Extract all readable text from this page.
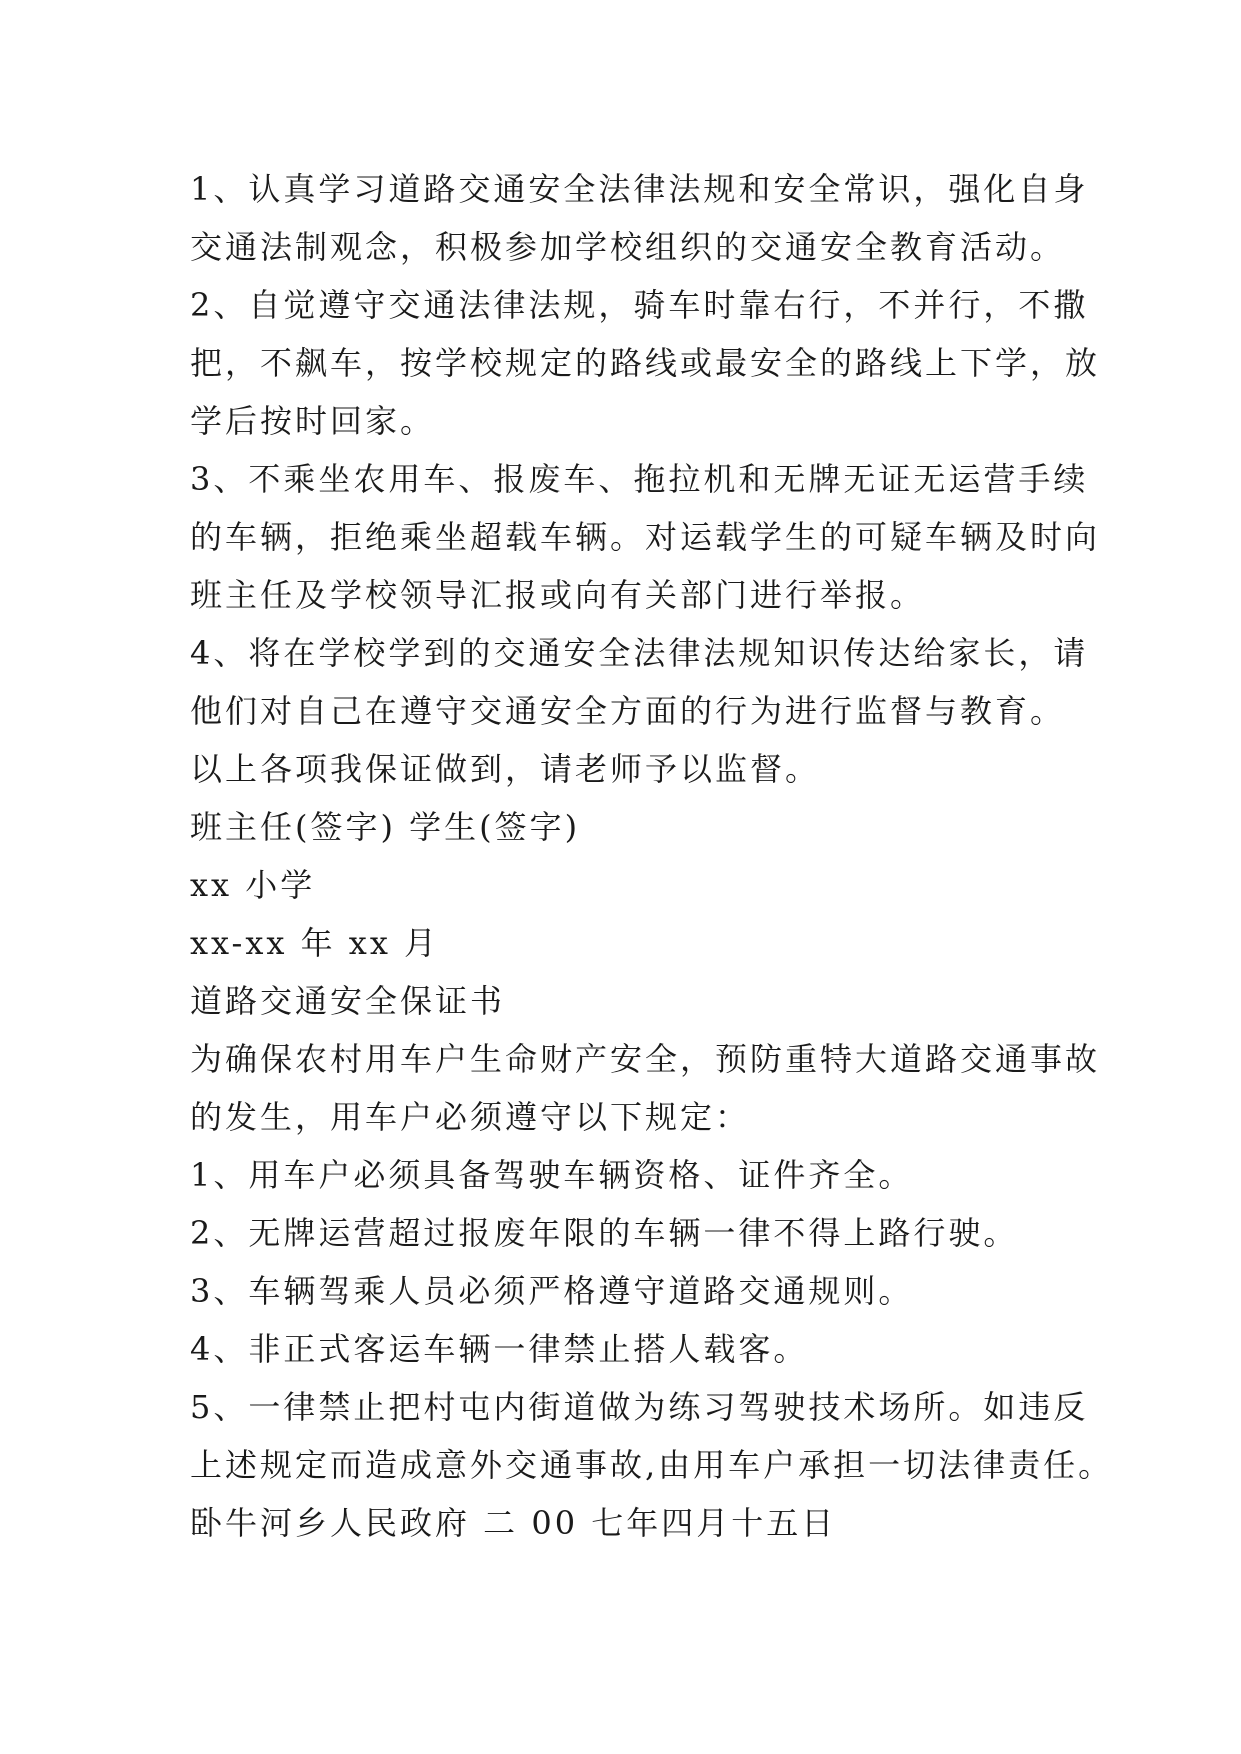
1、认真学习道路交通安全法律法规和安全常识，强化自身
交通法制观念，积极参加学校组织的交通安全教育活动。
2、自觉遵守交通法律法规，骑车时靠右行，不并行，不撒
把，不飙车，按学校规定的路线或最安全的路线上下学，放
学后按时回家。
3、不乘坐农用车、报废车、拖拉机和无牌无证无运营手续
的车辆，拒绝乘坐超载车辆。对运载学生的可疑车辆及时向
班主任及学校领导汇报或向有关部门进行举报。
4、将在学校学到的交通安全法律法规知识传达给家长，请
他们对自己在遵守交通安全方面的行为进行监督与教育。
以上各项我保证做到，请老师予以监督。
班主任(签字) 学生(签字)
xx 小学
xx-xx 年 xx 月
道路交通安全保证书
为确保农村用车户生命财产安全，预防重特大道路交通事故
的发生，用车户必须遵守以下规定：
1、用车户必须具备驾驶车辆资格、证件齐全。
2、无牌运营超过报废年限的车辆一律不得上路行驶。
3、车辆驾乘人员必须严格遵守道路交通规则。
4、非正式客运车辆一律禁止搭人载客。
5、一律禁止把村屯内街道做为练习驾驶技术场所。如违反
上述规定而造成意外交通事故,由用车户承担一切法律责任。
卧牛河乡人民政府 二 00 七年四月十五日
